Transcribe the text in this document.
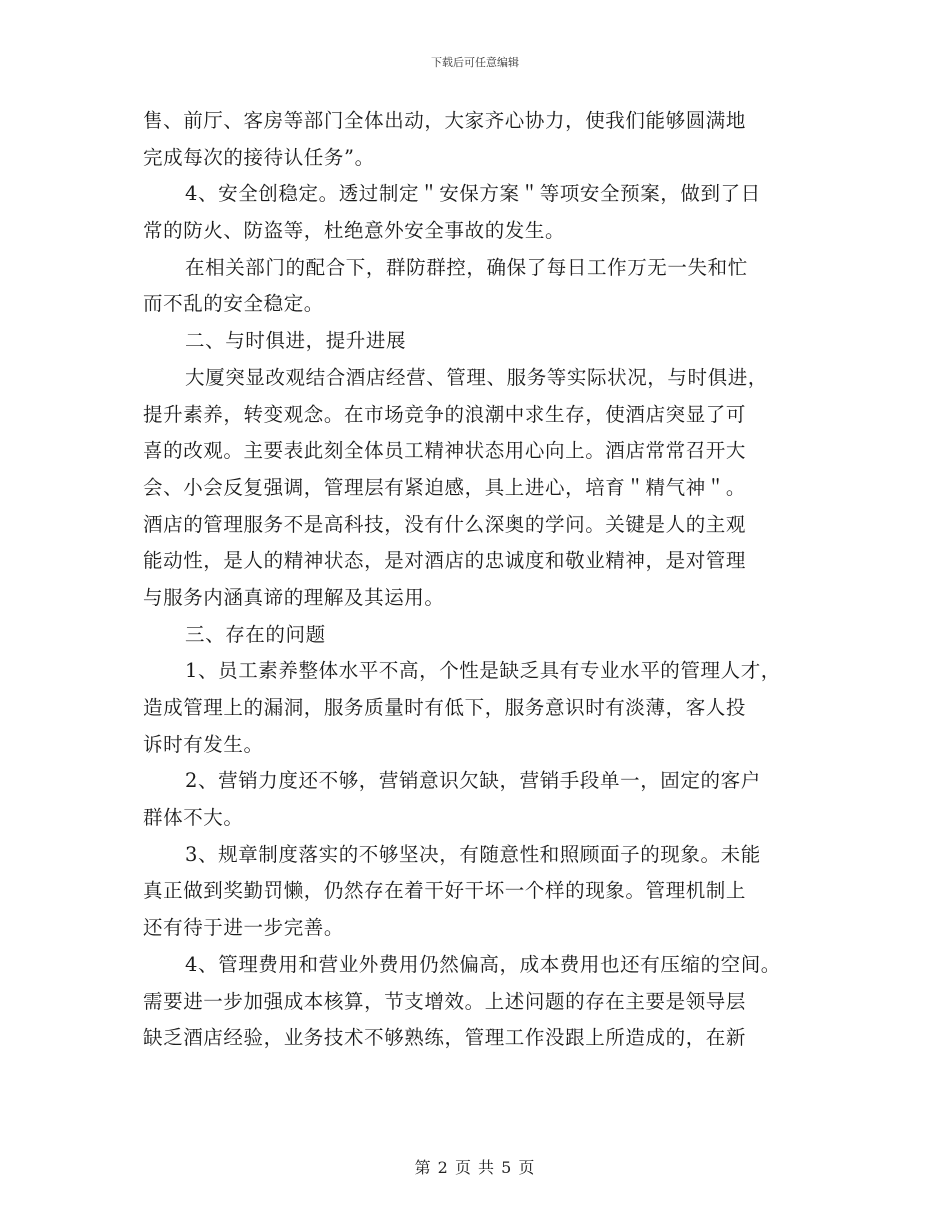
下载后可任意编辑
售、前厅、客房等部门全体出动，大家齐心协力，使我们能够圆满地
完成每次的接待认任务”。
4、安全创稳定。透过制定＂安保方案＂等项安全预案，做到了日
常的防火、防盗等，杜绝意外安全事故的发生。
在相关部门的配合下，群防群控，确保了每日工作万无一失和忙
而不乱的安全稳定。
二、与时俱进，提升进展
大厦突显改观结合酒店经营、管理、服务等实际状况，与时俱进，
提升素养，转变观念。在市场竞争的浪潮中求生存，使酒店突显了可
喜的改观。主要表此刻全体员工精神状态用心向上。酒店常常召开大
会、小会反复强调，管理层有紧迫感，具上进心，培育＂精气神＂。
酒店的管理服务不是高科技，没有什么深奥的学问。关键是人的主观
能动性，是人的精神状态，是对酒店的忠诚度和敬业精神，是对管理
与服务内涵真谛的理解及其运用。
三、存在的问题
1、员工素养整体水平不高，个性是缺乏具有专业水平的管理人才，
造成管理上的漏洞，服务质量时有低下，服务意识时有淡薄，客人投
诉时有发生。
2、营销力度还不够，营销意识欠缺，营销手段单一，固定的客户
群体不大。
3、规章制度落实的不够坚决，有随意性和照顾面子的现象。未能
真正做到奖勤罚懒，仍然存在着干好干坏一个样的现象。管理机制上
还有待于进一步完善。
4、管理费用和营业外费用仍然偏高，成本费用也还有压缩的空间。
需要进一步加强成本核算，节支增效。上述问题的存在主要是领导层
缺乏酒店经验，业务技术不够熟练，管理工作没跟上所造成的，在新
第 2 页 共 5 页
